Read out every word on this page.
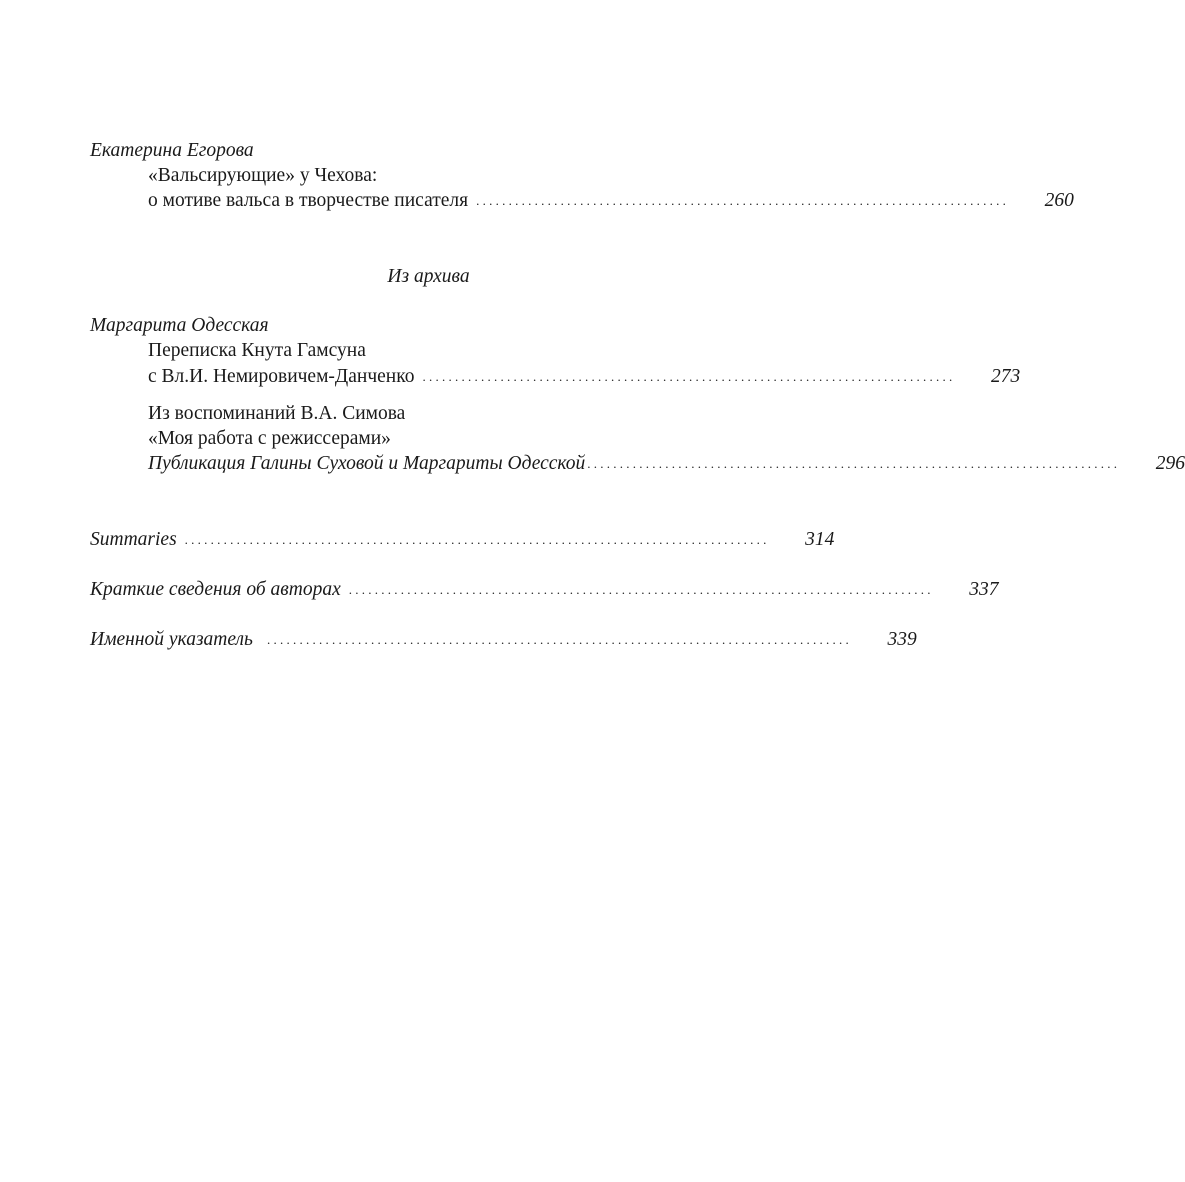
Екатерина Егорова
«Вальсирующие» у Чехова:
о мотиве вальса в творчестве писателя . . . . . . . . . . . . . . . . . . . . . . . . . . . . . . . . . . . . . . . . . . . . . . . . . . . . . . . . . . . . . . . . . . . . . . . . . . . . . . . . . .	260
Из архива
Маргарита Одесская
Переписка Кнута Гамсуна
с Вл.И. Немировичем-Данченко . . . . . . . . . . . . . . . . . . . . . . . . . . . . . . . . . . . . . . . . . . . . . . . . . . . . . . . . . . . . . . . . . . . . . . . . . . . . . . . . . .	273
Из воспоминаний В.А. Симова
«Моя работа с режиссерами»
Публикация Галины Суховой и Маргариты Одесской . . . . . . . . . . . . . . . . . . . . . . . . . . . . . . . . . . . . . . . . . . . . . . . . . . . . . . . . . . . . . . . . . . . . . . . . . . . . . . . . . .	296
Summaries . . . . . . . . . . . . . . . . . . . . . . . . . . . . . . . . . . . . . . . . . . . . . . . . . . . . . . . . . . . . . . . . . . . . . . . . . . . . . . . . . . . . . . . . . .	314
Краткие сведения об авторах . . . . . . . . . . . . . . . . . . . . . . . . . . . . . . . . . . . . . . . . . . . . . . . . . . . . . . . . . . . . . . . . . . . . . . . . . . . . . . . . . . . . . . . . . .	337
Именной указатель . . . . . . . . . . . . . . . . . . . . . . . . . . . . . . . . . . . . . . . . . . . . . . . . . . . . . . . . . . . . . . . . . . . . . . . . . . . . . . . . . . . . . . . . . .	339
